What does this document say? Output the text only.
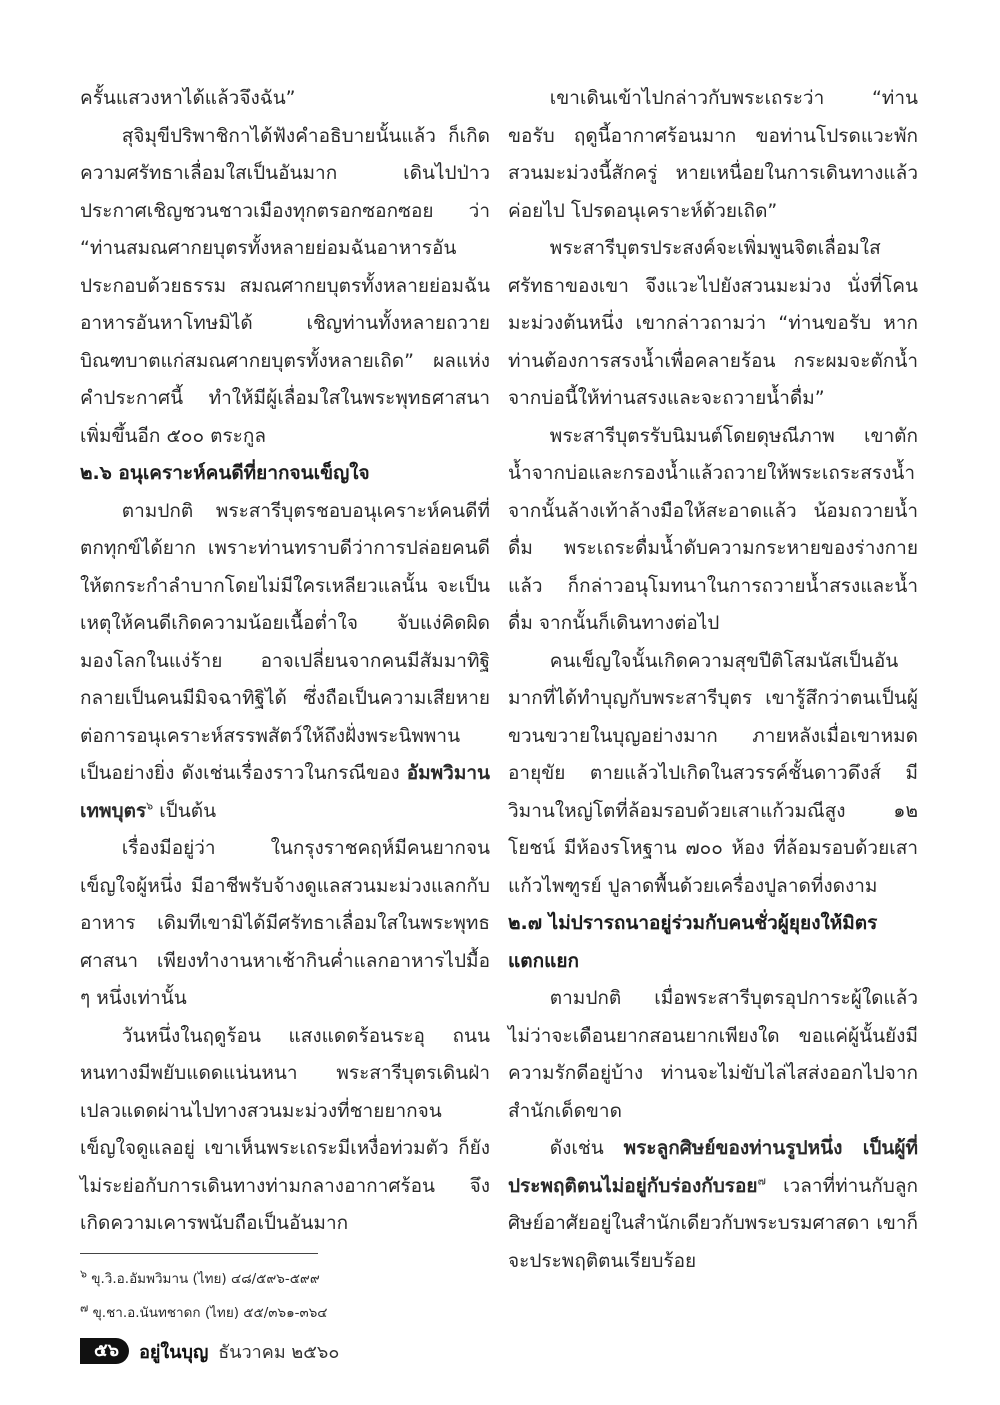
ครั้นแสวงหาได้แล้วจึงฉัน”

สุจิมุขีปริพาชิกาได้ฟังคำอธิบายนั้นแล้ว ก็เกิดความศรัทธาเลื่อมใสเป็นอันมาก เดินไปป่าวประกาศเชิญชวนชาวเมืองทุกตรอกซอกซอย ว่า “ท่านสมณศากยบุตรทั้งหลายย่อมฉันอาหารอันประกอบด้วยธรรม สมณศากยบุตรทั้งหลายย่อมฉันอาหารอันหาโทษมิได้ เชิญท่านทั้งหลายถวายบิณฑบาตแก่สมณศากยบุตรทั้งหลายเถิด” ผลแห่งคำประกาศนี้ ทำให้มีผู้เลื่อมใสในพระพุทธศาสนาเพิ่มขึ้นอีก ๕๐๐ ตระกูล

๒.๖ อนุเคราะห์คนดีที่ยากจนเข็ญใจ

ตามปกติ พระสารีบุตรชอบอนุเคราะห์คนดีที่ตกทุกข์ได้ยาก เพราะท่านทราบดีว่าการปล่อยคนดีให้ตกระกำลำบากโดยไม่มีใครเหลียวแลนั้น จะเป็นเหตุให้คนดีเกิดความน้อยเนื้อต่ำใจ จับแง่คิดผิด มองโลกในแง่ร้าย อาจเปลี่ยนจากคนมีสัมมาทิฐิกลายเป็นคนมีมิจฉาทิฐิได้ ซึ่งถือเป็นความเสียหายต่อการอนุเคราะห์สรรพสัตว์ให้ถึงฝั่งพระนิพพานเป็นอย่างยิ่ง ดังเช่นเรื่องราวในกรณีของ อัมพวิมานเทพบุตร$^๖$ เป็นต้น

เรื่องมีอยู่ว่า ในกรุงราชคฤห์มีคนยากจนเข็ญใจผู้หนึ่ง มีอาชีพรับจ้างดูแลสวนมะม่วงแลกกับอาหาร เดิมทีเขามิได้มีศรัทธาเลื่อมใสในพระพุทธศาสนา เพียงทำงานหาเช้ากินค่ำแลกอาหารไปมื้อ ๆ หนึ่งเท่านั้น

วันหนึ่งในฤดูร้อน แสงแดดร้อนระอุ ถนนหนทางมีพยับแดดแน่นหนา พระสารีบุตรเดินฝ่าเปลวแดดผ่านไปทางสวนมะม่วงที่ชายยากจนเข็ญใจดูแลอยู่ เขาเห็นพระเถระมีเหงื่อท่วมตัว ก็ยังไม่ระย่อกับการเดินทางท่ามกลางอากาศร้อน จึงเกิดความเคารพนับถือเป็นอันมาก

เขาเดินเข้าไปกล่าวกับพระเถระว่า “ท่านขอรับ ฤดูนี้อากาศร้อนมาก ขอท่านโปรดแวะพักสวนมะม่วงนี้สักครู่ หายเหนื่อยในการเดินทางแล้วค่อยไป โปรดอนุเคราะห์ด้วยเถิด”

พระสารีบุตรประสงค์จะเพิ่มพูนจิตเลื่อมใสศรัทธาของเขา จึงแวะไปยังสวนมะม่วง นั่งที่โคนมะม่วงต้นหนึ่ง เขากล่าวถามว่า “ท่านขอรับ หากท่านต้องการสรงน้ำเพื่อคลายร้อน กระผมจะตักน้ำจากบ่อนี้ให้ท่านสรงและจะถวายน้ำดื่ม”

พระสารีบุตรรับนิมนต์โดยดุษณีภาพ เขาตักน้ำจากบ่อและกรองน้ำแล้วถวายให้พระเถระสรงน้ำ จากนั้นล้างเท้าล้างมือให้สะอาดแล้ว น้อมถวายน้ำดื่ม พระเถระดื่มน้ำดับความกระหายของร่างกายแล้ว ก็กล่าวอนุโมทนาในการถวายน้ำสรงและน้ำดื่ม จากนั้นก็เดินทางต่อไป

คนเข็ญใจนั้นเกิดความสุขปีติโสมนัสเป็นอันมากที่ได้ทำบุญกับพระสารีบุตร เขารู้สึกว่าตนเป็นผู้ขวนขวายในบุญอย่างมาก ภายหลังเมื่อเขาหมดอายุขัย ตายแล้วไปเกิดในสวรรค์ชั้นดาวดึงส์ มีวิมานใหญ่โตที่ล้อมรอบด้วยเสาแก้วมณีสูง ๑๒ โยชน์ มีห้องรโหฐาน ๗๐๐ ห้อง ที่ล้อมรอบด้วยเสาแก้วไพฑูรย์ ปูลาดพื้นด้วยเครื่องปูลาดที่งดงาม

๒.๗ ไม่ปรารถนาอยู่ร่วมกับคนชั่วผู้ยุยงให้มิตรแตกแยก

ตามปกติ เมื่อพระสารีบุตรอุปการะผู้ใดแล้ว ไม่ว่าจะเดือนยากสอนยากเพียงใด ขอแค่ผู้นั้นยังมีความรักดีอยู่บ้าง ท่านจะไม่ขับไล่ไสส่งออกไปจากสำนักเด็ดขาด

ดังเช่น พระลูกศิษย์ของท่านรูปหนึ่ง เป็นผู้ที่ประพฤติตนไม่อยู่กับร่องกับรอย$^๗$ เวลาที่ท่านกับลูกศิษย์อาศัยอยู่ในสำนักเดียวกับพระบรมศาสดา เขาก็จะประพฤติตนเรียบร้อย

$^๖$ ขุ.วิ.อ.อัมพวิมาน (ไทย) ๔๘/๕๙๖-๕๙๙

$^๗$ ขุ.ชา.อ.นันทชาดก (ไทย) ๕๕/๓๖๑-๓๖๔

๕๖	อยู่ในบุญ ธันวาคม ๒๕๖๐
